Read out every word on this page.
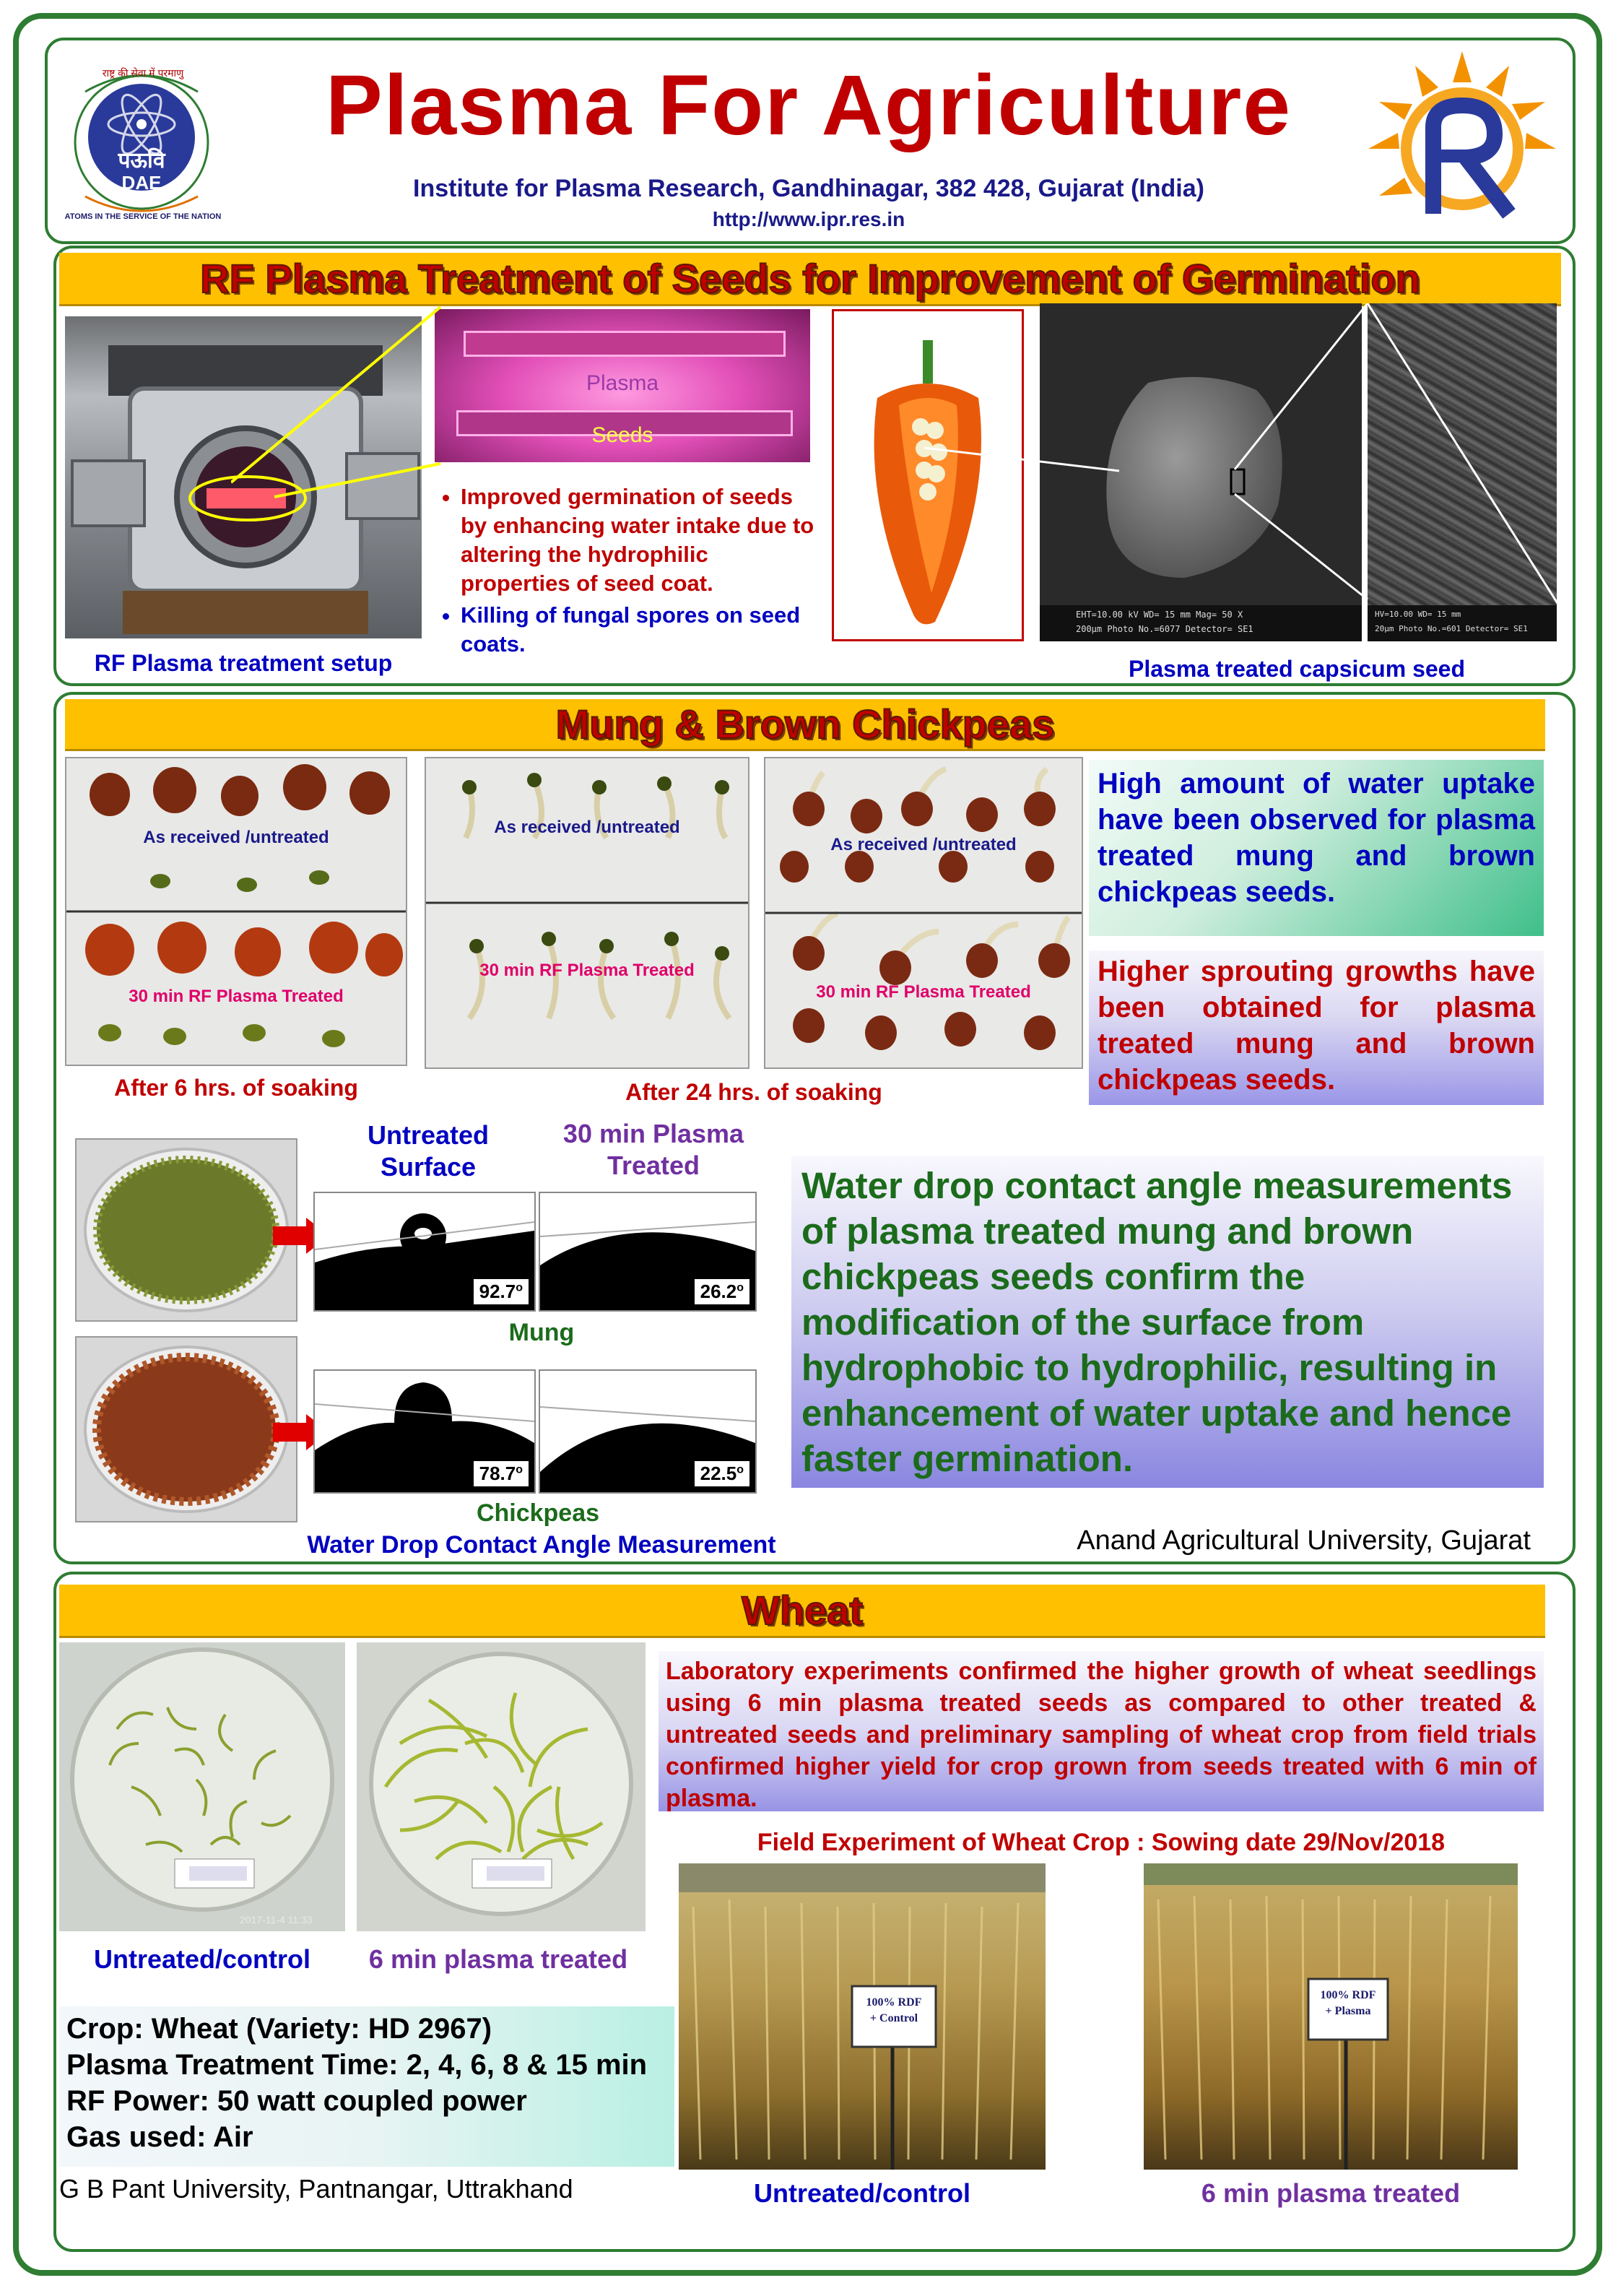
पऊवि
DAE
राष्ट्र की सेवा में परमाणु
ATOMS IN THE SERVICE OF THE NATION
Plasma For Agriculture
Institute for Plasma Research, Gandhinagar, 382 428, Gujarat (India)
http://www.ipr.res.in
RF Plasma Treatment of Seeds for Improvement of Germination
RF Plasma treatment setup
Plasma
Seeds
• Improved germination of seeds by enhancing water intake due to altering the hydrophilic properties of seed coat.
• Killing of fungal spores on seed coats.
EHT=10.00 kV WD= 15 mm Mag= 50 X
200μm Photo No.=6077 Detector= SE1
HV=10.00 WD= 15 mm
20μm Photo No.=601 Detector= SE1
Plasma treated capsicum seed
Mung & Brown Chickpeas
As received /untreated
30 min RF Plasma Treated
After 6 hrs. of soaking
As received /untreated
30 min RF Plasma Treated
As received /untreated
30 min RF Plasma Treated
After 24 hrs. of soaking
High amount of water uptake have been observed for plasma treated mung and brown chickpeas seeds.
Higher sprouting growths have been obtained for plasma treated mung and brown chickpeas seeds.
Untreated Surface
30 min Plasma Treated
92.7$^o$	26.2$^o$
Mung
78.7$^o$	22.5$^o$
Chickpeas
Water Drop Contact Angle Measurement
Water drop contact angle measurements of plasma treated mung and brown chickpeas seeds confirm the modification of the surface from hydrophobic to hydrophilic, resulting in enhancement of water uptake and hence faster germination.
Anand Agricultural University, Gujarat
Wheat
2017-11-4 11:33
Untreated/control	6 min plasma treated
Laboratory experiments confirmed the higher growth of wheat seedlings using 6 min plasma treated seeds as compared to other treated & untreated seeds and preliminary sampling of wheat crop from field trials confirmed higher yield for crop grown from seeds treated with 6 min of plasma.
Field Experiment of Wheat Crop : Sowing date 29/Nov/2018
100% RDF
+ Control
100% RDF
+ Plasma
Untreated/control	6 min plasma treated
Crop: Wheat (Variety: HD 2967)
Plasma Treatment Time: 2, 4, 6, 8 & 15 min
RF Power: 50 watt coupled power
Gas used: Air
G B Pant University, Pantnangar, Uttrakhand
